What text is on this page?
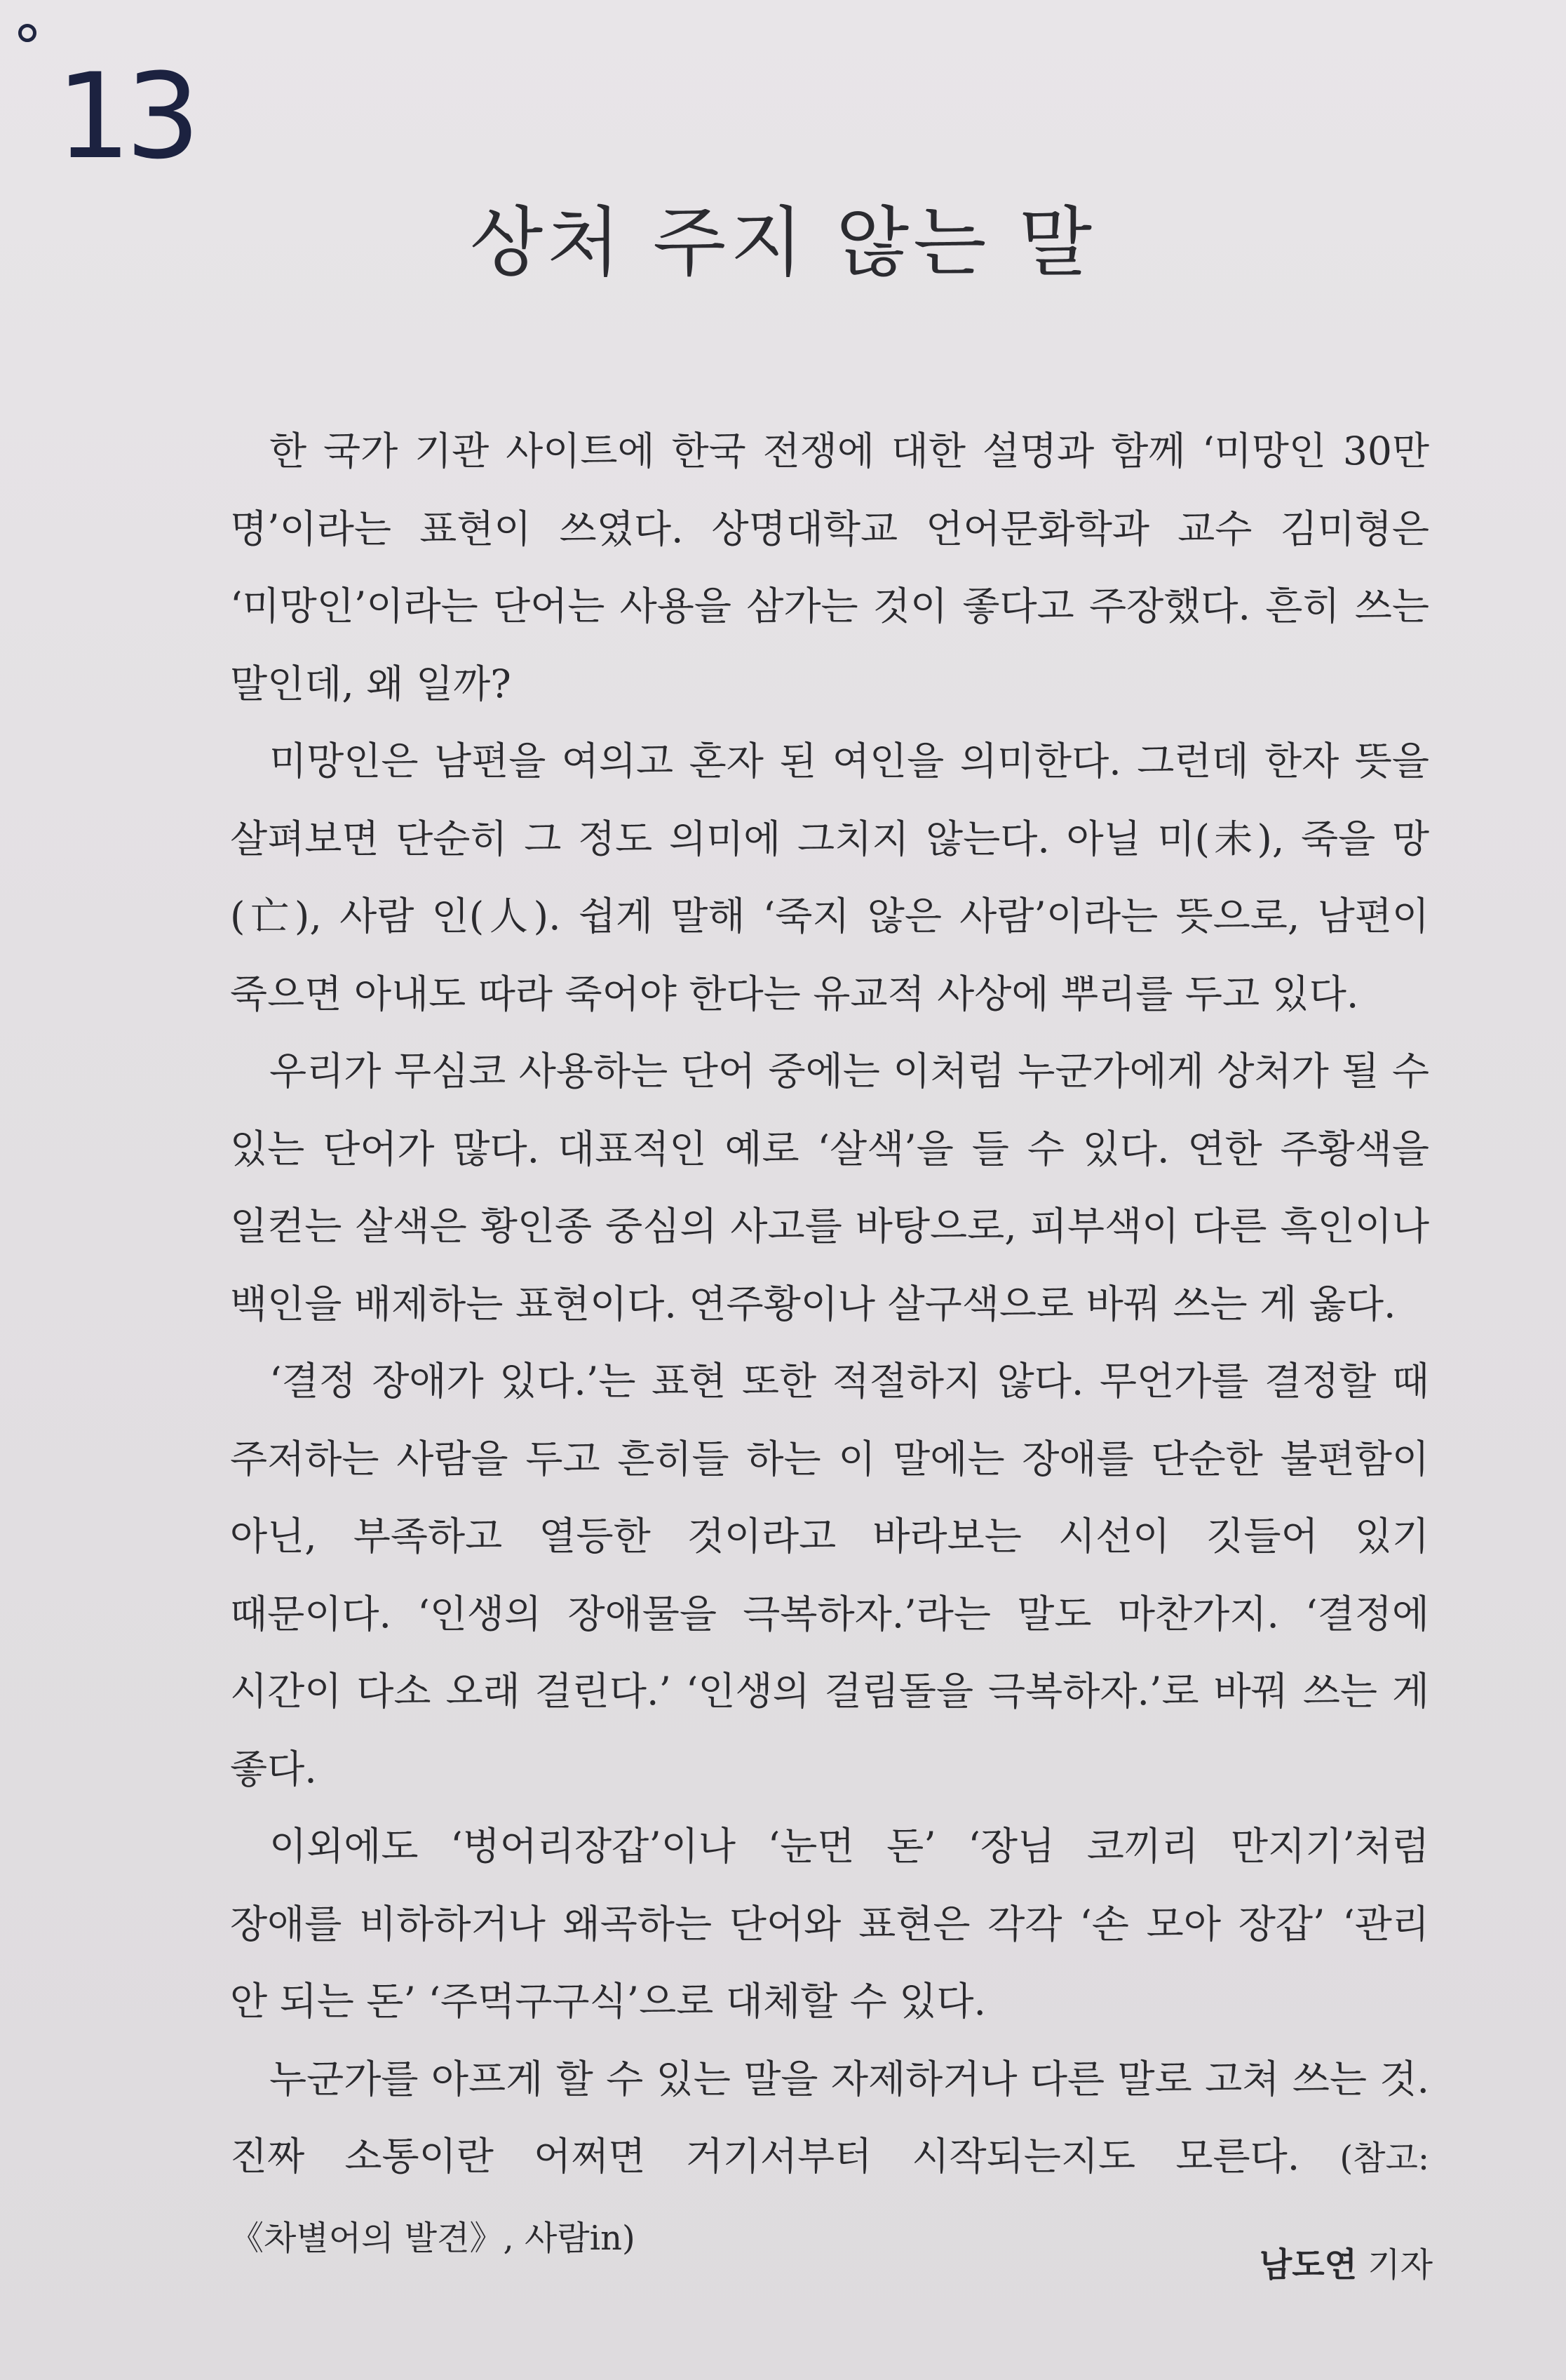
13
상처 주지 않는 말

한 국가 기관 사이트에 한국 전쟁에 대한 설명과 함께 ‘미망인 30만 명’이라는 표현이 쓰였다. 상명대학교 언어문화학과 교수 김미형은 ‘미망인’이라는 단어는 사용을 삼가는 것이 좋다고 주장했다. 흔히 쓰는 말인데, 왜 일까?

미망인은 남편을 여의고 혼자 된 여인을 의미한다. 그런데 한자 뜻을 살펴보면 단순히 그 정도 의미에 그치지 않는다. 아닐 미(未), 죽을 망(亡), 사람 인(人). 쉽게 말해 ‘죽지 않은 사람’이라는 뜻으로, 남편이 죽으면 아내도 따라 죽어야 한다는 유교적 사상에 뿌리를 두고 있다.

우리가 무심코 사용하는 단어 중에는 이처럼 누군가에게 상처가 될 수 있는 단어가 많다. 대표적인 예로 ‘살색’을 들 수 있다. 연한 주황색을 일컫는 살색은 황인종 중심의 사고를 바탕으로, 피부색이 다른 흑인이나 백인을 배제하는 표현이다. 연주황이나 살구색으로 바꿔 쓰는 게 옳다.

‘결정 장애가 있다.’는 표현 또한 적절하지 않다. 무언가를 결정할 때 주저하는 사람을 두고 흔히들 하는 이 말에는 장애를 단순한 불편함이 아닌, 부족하고 열등한 것이라고 바라보는 시선이 깃들어 있기 때문이다. ‘인생의 장애물을 극복하자.’라는 말도 마찬가지. ‘결정에 시간이 다소 오래 걸린다.’ ‘인생의 걸림돌을 극복하자.’로 바꿔 쓰는 게 좋다.

이외에도 ‘벙어리장갑’이나 ‘눈먼 돈’ ‘장님 코끼리 만지기’처럼 장애를 비하하거나 왜곡하는 단어와 표현은 각각 ‘손 모아 장갑’ ‘관리 안 되는 돈’ ‘주먹구구식’으로 대체할 수 있다.

누군가를 아프게 할 수 있는 말을 자제하거나 다른 말로 고쳐 쓰는 것. 진짜 소통이란 어쩌면 거기서부터 시작되는지도 모른다. (참고: 《차별어의 발견》, 사람in)

남도연 기자
